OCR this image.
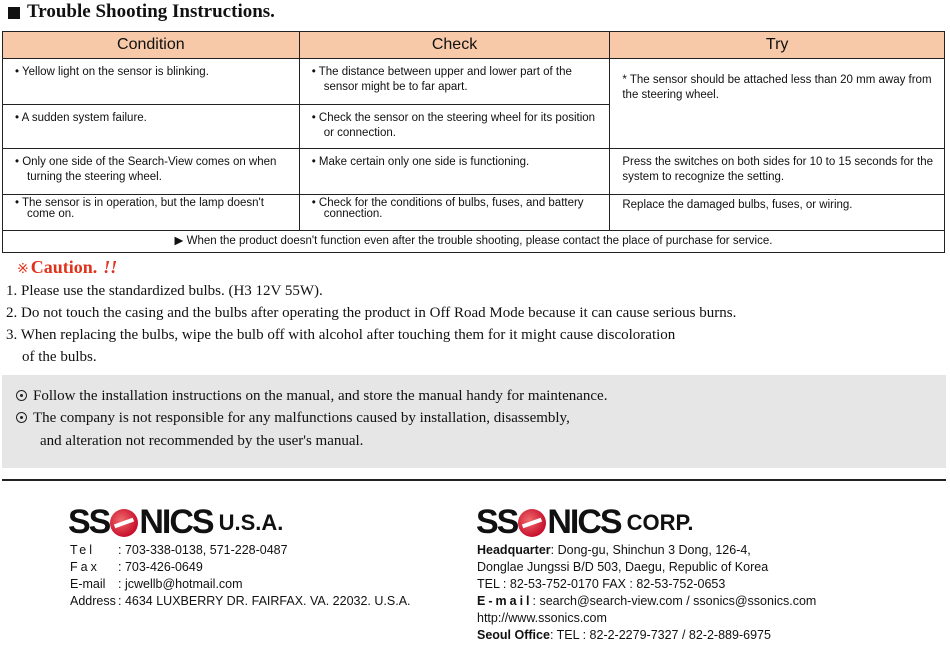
Trouble Shooting Instructions.
Condition	Check	Try

• Yellow light on the sensor is blinking.	• The distance between upper and lower part of the sensor might be to far apart.	* The sensor should be attached less than 20 mm away from the steering wheel.

• A sudden system failure.	• Check the sensor on the steering wheel for its position or connection.	

• Only one side of the Search-View comes on when turning the steering wheel.	• Make certain only one side is functioning.	Press the switches on both sides for 10 to 15 seconds for the system to recognize the setting.

• The sensor is in operation, but the lamp doesn't come on.	• Check for the conditions of bulbs, fuses, and battery connection.	Replace the damaged bulbs, fuses, or wiring.
▶ When the product doesn't function even after the trouble shooting, please contact the place of purchase for service.		
※ Caution. !!
1. Please use the standardized bulbs. (H3 12V 55W).
2. Do not touch the casing and the bulbs after operating the product in Off Road Mode because it can cause serious burns.
3. When replacing the bulbs, wipe the bulb off with alcohol after touching them for it might cause discoloration
of the bulbs.
Follow the installation instructions on the manual, and store the manual handy for maintenance.
The company is not responsible for any malfunctions caused by installation, disassembly,
and alteration not recommended by the user's manual.
SS NICS U.S.A.
Tel	: 703-338-0138, 571-228-0487
Fax	: 703-426-0649
E-mail	: jcwellb@hotmail.com
Address : 4634 LUXBERRY DR. FAIRFAX. VA. 22032. U.S.A.
SS NICS CORP.
Headquarter : Dong-gu, Shinchun 3 Dong, 126-4,
Donglae Jungssi B/D 503, Daegu, Republic of Korea
TEL : 82-53-752-0170 FAX : 82-53-752-0653
E-mail : search@search-view.com / ssonics@ssonics.com
http://www.ssonics.com
Seoul Office : TEL : 82-2-2279-7327 / 82-2-889-6975
